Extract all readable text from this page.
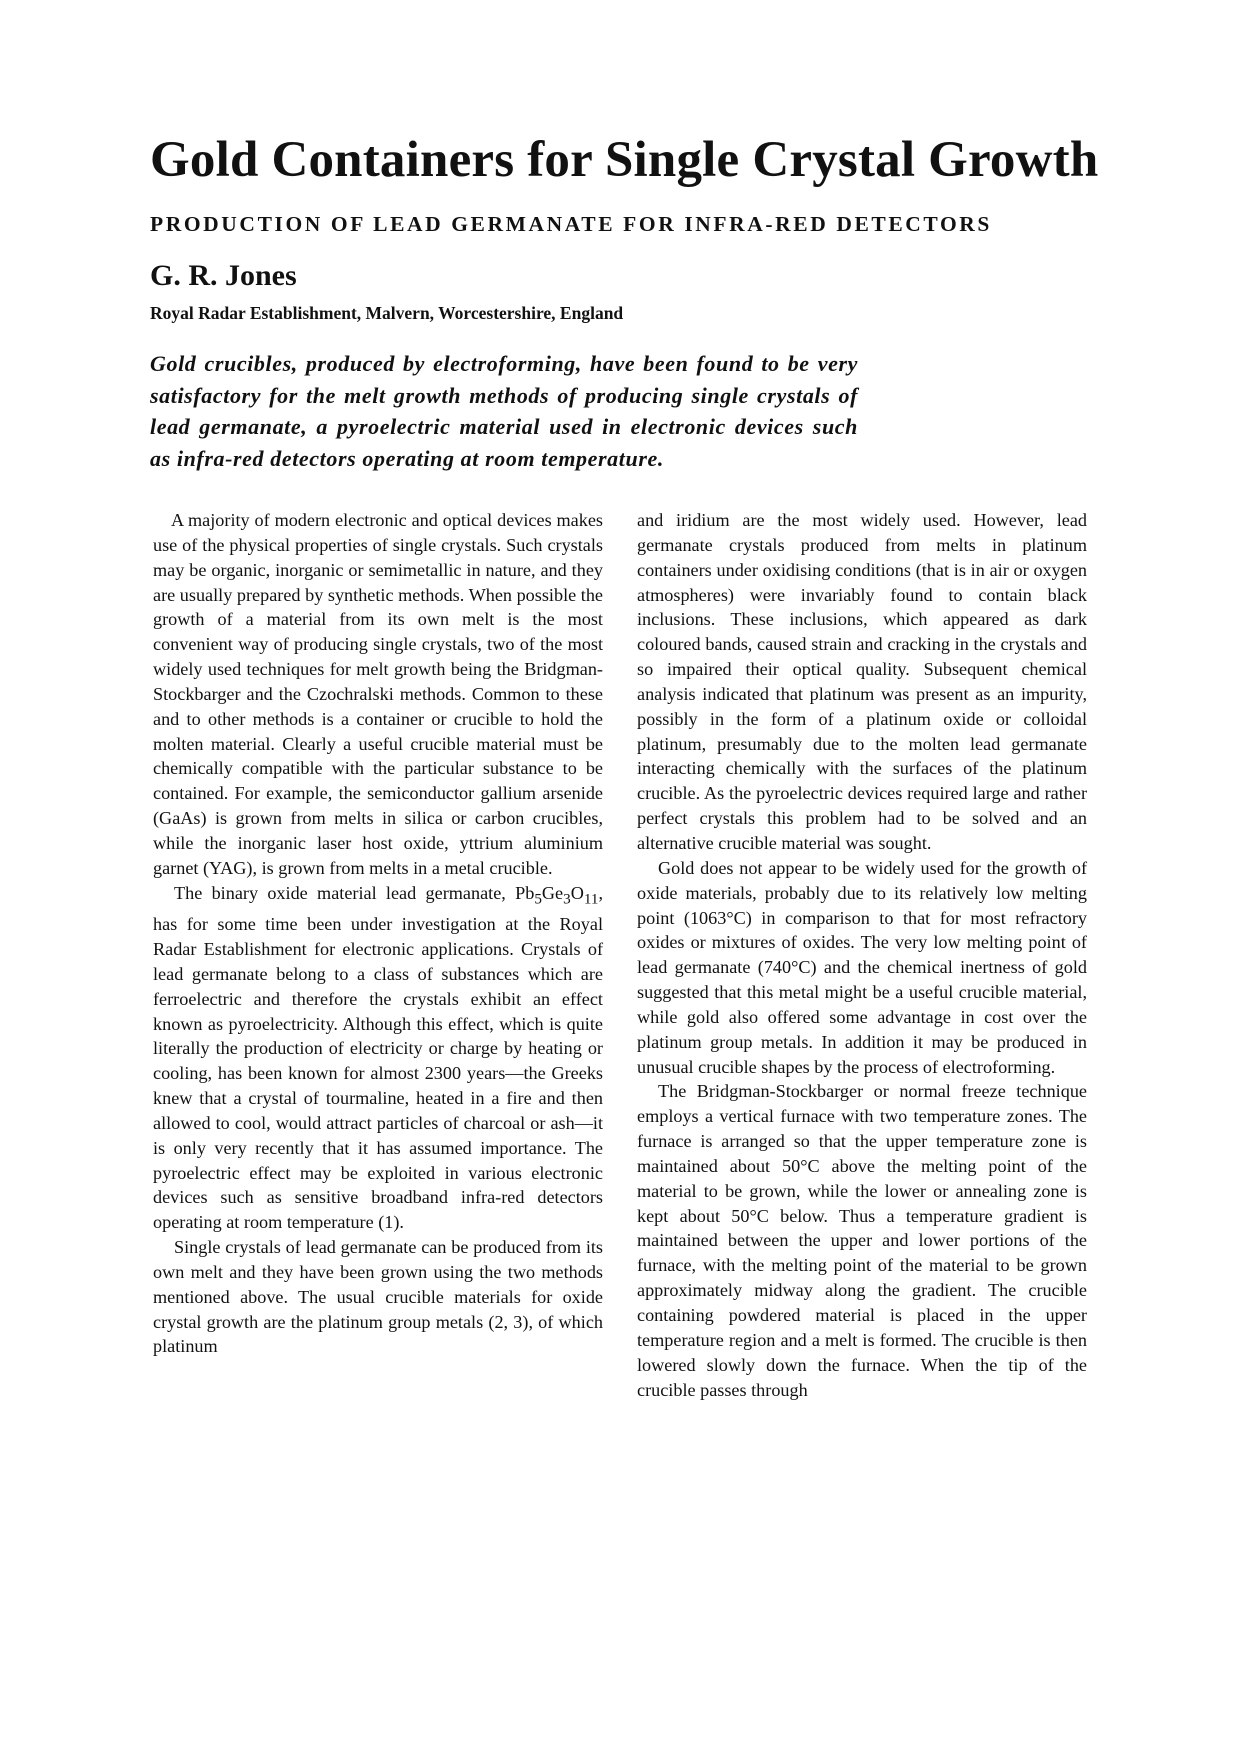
Gold Containers for Single Crystal Growth
PRODUCTION OF LEAD GERMANATE FOR INFRA-RED DETECTORS
G. R. Jones
Royal Radar Establishment, Malvern, Worcestershire, England

Gold crucibles, produced by electroforming, have been found to be very satisfactory for the melt growth methods of producing single crystals of lead germanate, a pyroelectric material used in electronic devices such as infra-red detectors operating at room temperature.

A majority of modern electronic and optical devices makes use of the physical properties of single crystals. Such crystals may be organic, inorganic or semimetallic in nature, and they are usually prepared by synthetic methods. When possible the growth of a material from its own melt is the most convenient way of producing single crystals, two of the most widely used techniques for melt growth being the Bridgman-Stockbarger and the Czochralski methods. Common to these and to other methods is a container or crucible to hold the molten material. Clearly a useful crucible material must be chemically compatible with the particular substance to be contained. For example, the semiconductor gallium arsenide (GaAs) is grown from melts in silica or carbon crucibles, while the inorganic laser host oxide, yttrium aluminium garnet (YAG), is grown from melts in a metal crucible.

The binary oxide material lead germanate, $Pb_5Ge_3O_{11}$, has for some time been under investigation at the Royal Radar Establishment for electronic applications. Crystals of lead germanate belong to a class of substances which are ferroelectric and therefore the crystals exhibit an effect known as pyroelectricity. Although this effect, which is quite literally the production of electricity or charge by heating or cooling, has been known for almost 2300 years—the Greeks knew that a crystal of tourmaline, heated in a fire and then allowed to cool, would attract particles of charcoal or ash—it is only very recently that it has assumed importance. The pyroelectric effect may be exploited in various electronic devices such as sensitive broadband infra-red detectors operating at room temperature (1).

Single crystals of lead germanate can be produced from its own melt and they have been grown using the two methods mentioned above. The usual crucible materials for oxide crystal growth are the platinum group metals (2, 3), of which platinum

and iridium are the most widely used. However, lead germanate crystals produced from melts in platinum containers under oxidising conditions (that is in air or oxygen atmospheres) were invariably found to contain black inclusions. These inclusions, which appeared as dark coloured bands, caused strain and cracking in the crystals and so impaired their optical quality. Subsequent chemical analysis indicated that platinum was present as an impurity, possibly in the form of a platinum oxide or colloidal platinum, presumably due to the molten lead germanate interacting chemically with the surfaces of the platinum crucible. As the pyroelectric devices required large and rather perfect crystals this problem had to be solved and an alternative crucible material was sought.

Gold does not appear to be widely used for the growth of oxide materials, probably due to its relatively low melting point (1063°C) in comparison to that for most refractory oxides or mixtures of oxides. The very low melting point of lead germanate (740°C) and the chemical inertness of gold suggested that this metal might be a useful crucible material, while gold also offered some advantage in cost over the platinum group metals. In addition it may be produced in unusual crucible shapes by the process of electroforming.

The Bridgman-Stockbarger or normal freeze technique employs a vertical furnace with two temperature zones. The furnace is arranged so that the upper temperature zone is maintained about 50°C above the melting point of the material to be grown, while the lower or annealing zone is kept about 50°C below. Thus a temperature gradient is maintained between the upper and lower portions of the furnace, with the melting point of the material to be grown approximately midway along the gradient. The crucible containing powdered material is placed in the upper temperature region and a melt is formed. The crucible is then lowered slowly down the furnace. When the tip of the crucible passes through
